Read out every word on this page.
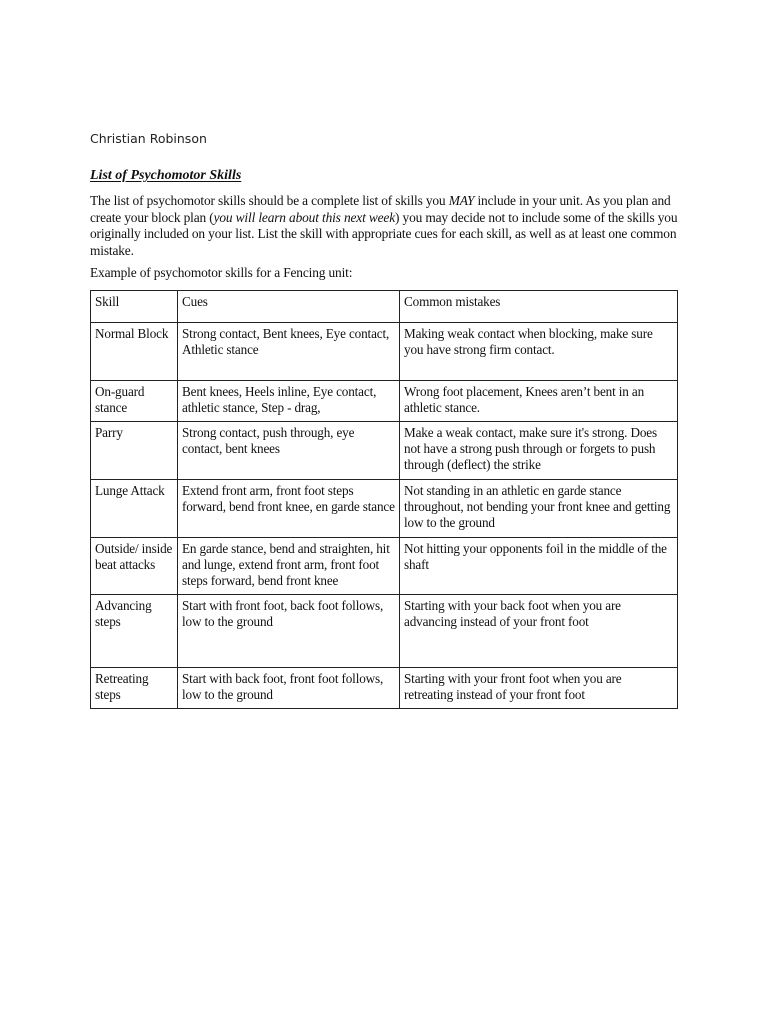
Christian Robinson
List of Psychomotor Skills

The list of psychomotor skills should be a complete list of skills you MAY include in your unit. As you plan and create your block plan (you will learn about this next week) you may decide not to include some of the skills you originally included on your list. List the skill with appropriate cues for each skill, as well as at least one common mistake.

Example of psychomotor skills for a Fencing unit:
Skill	Cues	Common mistakes
Normal Block	Strong contact, Bent knees, Eye contact, Athletic stance	Making weak contact when blocking, make sure you have strong firm contact.
On-guard stance	Bent knees, Heels inline, Eye contact, athletic stance, Step - drag,	Wrong foot placement, Knees aren’t bent in an athletic stance.
Parry	Strong contact, push through, eye contact, bent knees	Make a weak contact, make sure it's strong. Does not have a strong push through or forgets to push through (deflect) the strike
Lunge Attack	Extend front arm, front foot steps forward, bend front knee, en garde stance	Not standing in an athletic en garde stance throughout, not bending your front knee and getting low to the ground
Outside/ inside beat attacks	En garde stance, bend and straighten, hit and lunge, extend front arm, front foot steps forward, bend front knee	Not hitting your opponents foil in the middle of the shaft
Advancing steps	Start with front foot, back foot follows, low to the ground	Starting with your back foot when you are advancing instead of your front foot
Retreating steps	Start with back foot, front foot follows, low to the ground	Starting with your front foot when you are retreating instead of your front foot
